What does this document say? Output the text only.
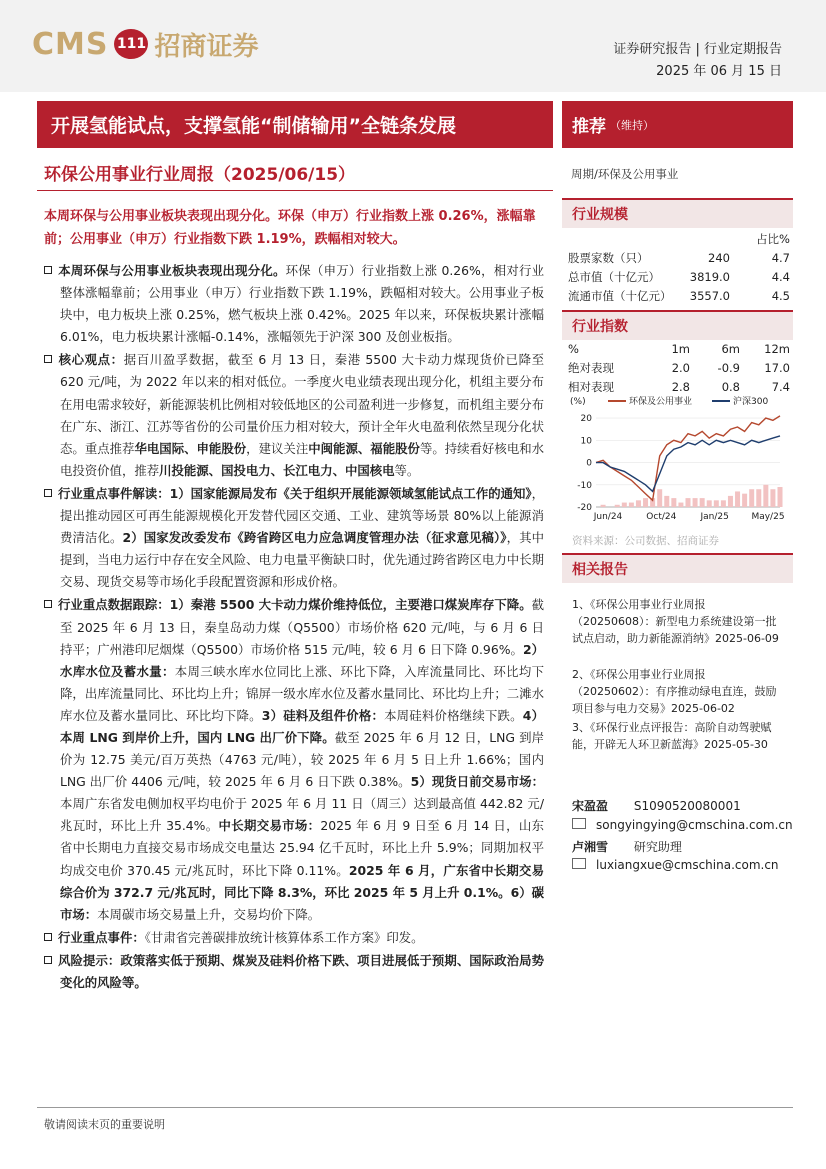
CMS 111 招商证券	证券研究报告 | 行业定期报告
2025 年 06 月 15 日
开展氢能试点，支撑氢能“制储输用”全链条发展	推荐 （维持）
环保公用事业行业周报（2025/06/15）
本周环保与公用事业板块表现出现分化。环保（申万）行业指数上涨 0.26%，涨幅靠前；公用事业（申万）行业指数下跌 1.19%，跌幅相对较大。

本周环保与公用事业板块表现出现分化。环保（申万）行业指数上涨 0.26%，相对行业整体涨幅靠前；公用事业（申万）行业指数下跌 1.19%，跌幅相对较大。公用事业子板块中，电力板块上涨 0.25%，燃气板块上涨 0.42%。2025 年以来，环保板块累计涨幅 6.01%，电力板块累计涨幅-0.14%，涨幅领先于沪深 300 及创业板指。

核心观点：据百川盈孚数据，截至 6 月 13 日，秦港 5500 大卡动力煤现货价已降至 620 元/吨，为 2022 年以来的相对低位。一季度火电业绩表现出现分化，机组主要分布在用电需求较好，新能源装机比例相对较低地区的公司盈利进一步修复，而机组主要分布在广东、浙江、江苏等省份的公司量价压力相对较大，预计全年火电盈利依然呈现分化状态。重点推荐华电国际、申能股份，建议关注中闽能源、福能股份等。持续看好核电和水电投资价值，推荐川投能源、国投电力、长江电力、中国核电等。

行业重点事件解读：1）国家能源局发布《关于组织开展能源领域氢能试点工作的通知》，提出推动园区可再生能源规模化开发替代园区交通、工业、建筑等场景 80%以上能源消费清洁化。2）国家发改委发布《跨省跨区电力应急调度管理办法（征求意见稿）》，其中提到，当电力运行中存在安全风险、电力电量平衡缺口时，优先通过跨省跨区电力中长期交易、现货交易等市场化手段配置资源和形成价格。

行业重点数据跟踪：1）秦港 5500 大卡动力煤价维持低位，主要港口煤炭库存下降。截至 2025 年 6 月 13 日，秦皇岛动力煤（Q5500）市场价格 620 元/吨，与 6 月 6 日持平；广州港印尼烟煤（Q5500）市场价格 515 元/吨，较 6 月 6 日下降 0.96%。2）水库水位及蓄水量：本周三峡水库水位同比上涨、环比下降，入库流量同比、环比均下降，出库流量同比、环比均上升；锦屏一级水库水位及蓄水量同比、环比均上升；二滩水库水位及蓄水量同比、环比均下降。3）硅料及组件价格：本周硅料价格继续下跌。4）本周 LNG 到岸价上升，国内 LNG 出厂价下降。截至 2025 年 6 月 12 日，LNG 到岸价为 12.75 美元/百万英热（4763 元/吨），较 2025 年 6 月 5 日上升 1.66%；国内 LNG 出厂价 4406 元/吨，较 2025 年 6 月 6 日下跌 0.38%。5）现货日前交易市场：本周广东省发电侧加权平均电价于 2025 年 6 月 11 日（周三）达到最高值 442.82 元/兆瓦时，环比上升 35.4%。中长期交易市场：2025 年 6 月 9 日至 6 月 14 日，山东省中长期电力直接交易市场成交电量达 25.94 亿千瓦时，环比上升 5.9%；同期加权平均成交电价 370.45 元/兆瓦时，环比下降 0.11%。2025 年 6 月，广东省中长期交易综合价为 372.7 元/兆瓦时，同比下降 8.3%，环比 2025 年 5 月上升 0.1%。6）碳市场：本周碳市场交易量上升，交易均价下降。

行业重点事件：《甘肃省完善碳排放统计核算体系工作方案》印发。

风险提示：政策落实低于预期、煤炭及硅料价格下跌、项目进展低于预期、国际政治局势变化的风险等。

周期/环保及公用事业
行业规模
占比%
股票家数（只）	240	4.7
总市值（十亿元）	3819.0	4.4
流通市值（十亿元）	3557.0	4.5
行业指数
%	1m	6m	12m
绝对表现	2.0	-0.9	17.0
相对表现	2.8	0.8	7.4
(%)
-20
-10
0
10
20
Jun/24	Oct/24	Jan/25	May/25
环保及公用事业	沪深300
资料来源：公司数据、招商证券
相关报告
1、《环保公用事业行业周报（20250608）：新型电力系统建设第一批试点启动，助力新能源消纳》2025-06-09
2、《环保公用事业行业周报（20250602）：有序推动绿电直连，鼓励项目参与电力交易》2025-06-02
3、《环保行业点评报告：高阶自动驾驶赋能，开辟无人环卫新蓝海》2025-05-30
宋盈盈 S1090520080001
songyingying@cmschina.com.cn
卢湘雪 研究助理
luxiangxue@cmschina.com.cn
敬请阅读末页的重要说明
